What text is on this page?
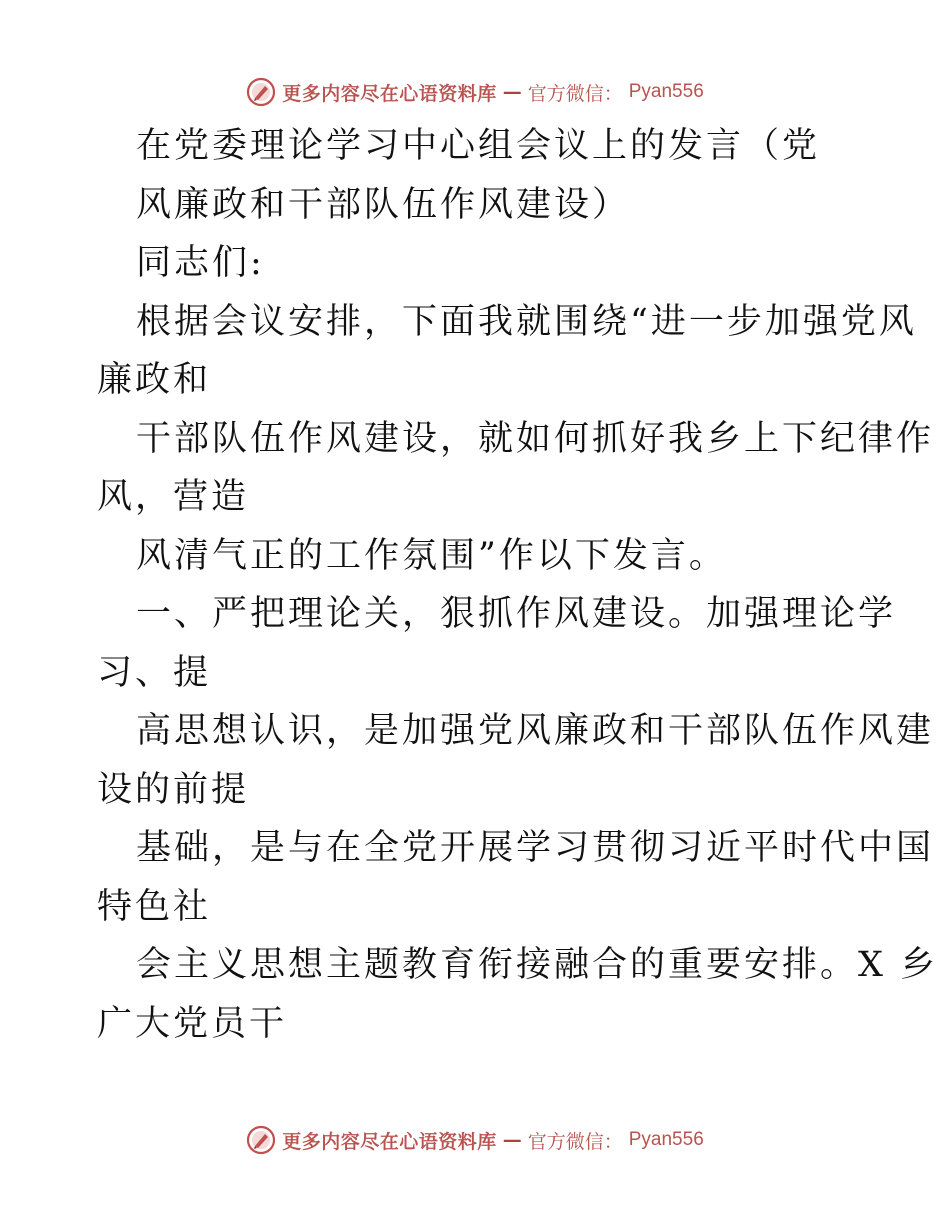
更多内容尽在心语资料库 — 官方微信： Pyan556
在党委理论学习中心组会议上的发言（党
风廉政和干部队伍作风建设）
同志们:
根据会议安排，下面我就围绕“进一步加强党风
廉政和
干部队伍作风建设，就如何抓好我乡上下纪律作
风，营造
风清气正的工作氛围”作以下发言。
一、严把理论关，狠抓作风建设。加强理论学
习、提
高思想认识，是加强党风廉政和干部队伍作风建
设的前提
基础，是与在全党开展学习贯彻习近平时代中国
特色社
会主义思想主题教育衔接融合的重要安排。X 乡
广大党员干
更多内容尽在心语资料库 — 官方微信： Pyan556
